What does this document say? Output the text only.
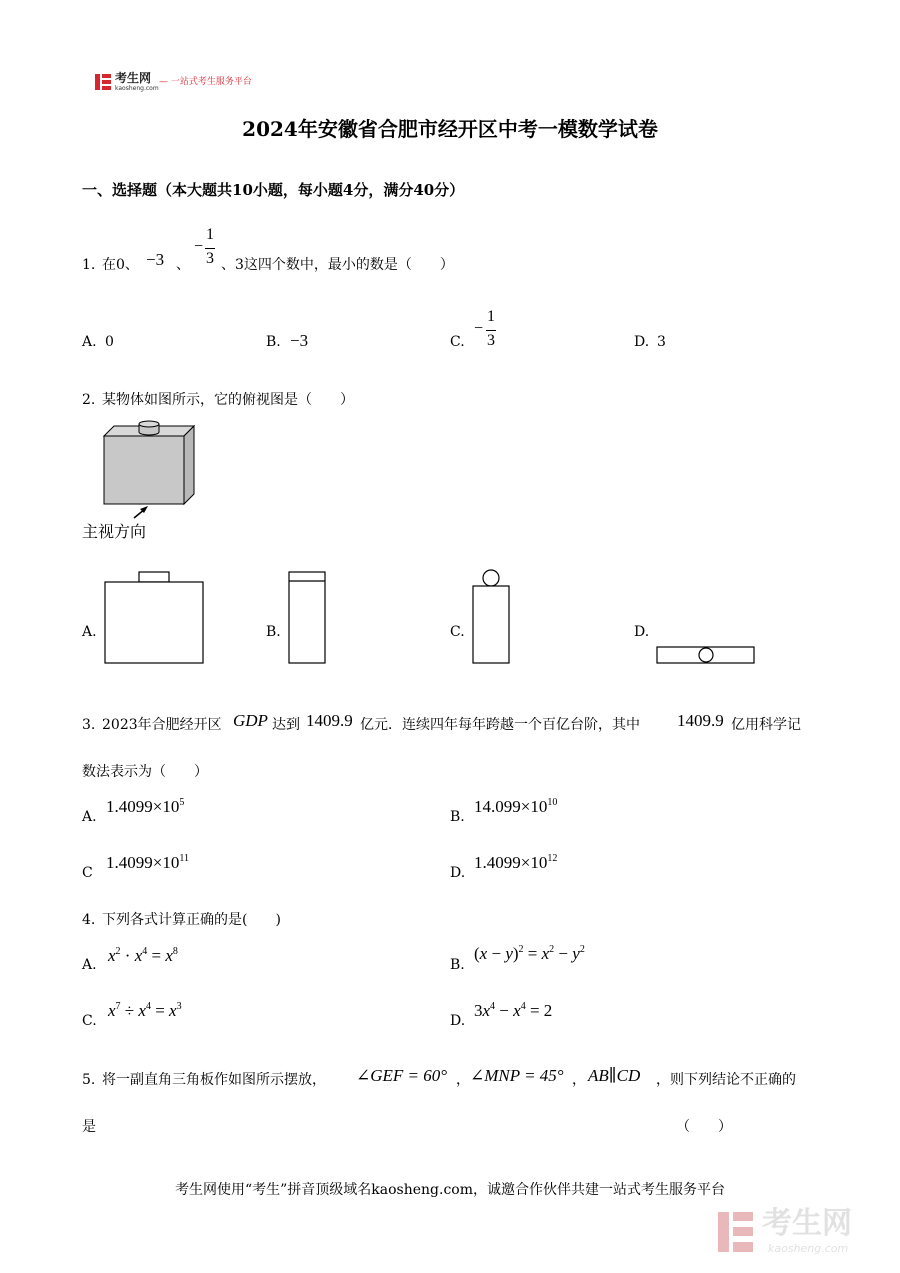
考生网
kaosheng.com
— 一站式考生服务平台
2024年安徽省合肥市经开区中考一模数学试卷
一、选择题（本大题共10小题，每小题4分，满分40分）
1. 在0、 −3 、
−
1
3 、3这四个数中，最小的数是（　　）
A. 0	B. −3	C.
−
1
3	D. 3
2. 某物体如图所示，它的俯视图是（　　）
主视方向
A.	B.	C.	D.
3. 2023年合肥经开区 GDP 达到 1409.9 亿元．连续四年每年跨越一个百亿台阶，其中 1409.9 亿用科学记
数法表示为（　　）
A.
$1.4099\times 10^5$
B.
$14.099\times 10^{10}$
C
$1.4099\times 10^{11}$
D.
$1.4099\times 10^{12}$
4. 下列各式计算正确的是(　　)
A. $x^2 \cdot x^4 = x^8$
B.
$(x - y)^2 = x^2 - y^2$
C.
$x^7 \div x^4 = x^3$
D.
$3x^4 - x^4 = 2$
5. 将一副直角三角板作如图所示摆放， ∠GEF = 60° ， ∠MNP = 45° ， AB∥CD ，则下列结论不正确的
是	（　　）
考生网使用“考生”拼音顶级域名kaosheng.com，诚邀合作伙伴共建一站式考生服务平台
考生网
kaosheng.com
